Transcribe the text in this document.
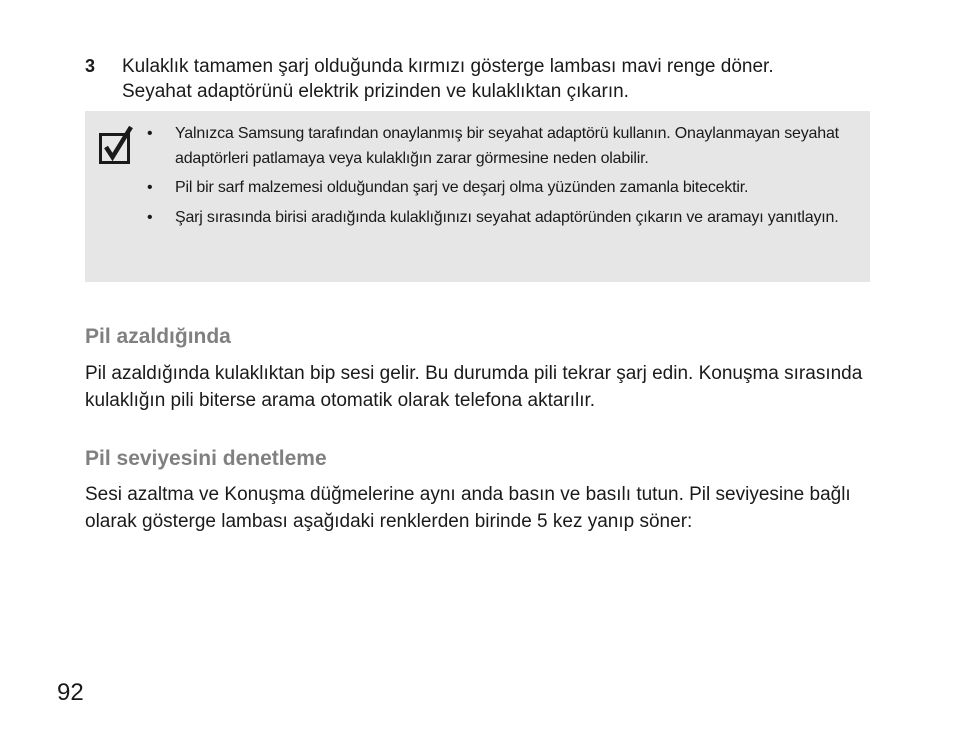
3 Kulaklık tamamen şarj olduğunda kırmızı gösterge lambası mavi renge döner.
Seyahat adaptörünü elektrik prizinden ve kulaklıktan çıkarın.
• Yalnızca Samsung tarafından onaylanmış bir seyahat adaptörü kullanın. Onaylanmayan seyahat adaptörleri patlamaya veya kulaklığın zarar görmesine neden olabilir.
• Pil bir sarf malzemesi olduğundan şarj ve deşarj olma yüzünden zamanla bitecektir.
• Şarj sırasında birisi aradığında kulaklığınızı seyahat adaptöründen çıkarın ve aramayı yanıtlayın.
Pil azaldığında

Pil azaldığında kulaklıktan bip sesi gelir. Bu durumda pili tekrar şarj edin. Konuşma sırasında kulaklığın pili biterse arama otomatik olarak telefona aktarılır.

Pil seviyesini denetleme

Sesi azaltma ve Konuşma düğmelerine aynı anda basın ve basılı tutun. Pil seviyesine bağlı olarak gösterge lambası aşağıdaki renklerden birinde 5 kez yanıp söner:

92
